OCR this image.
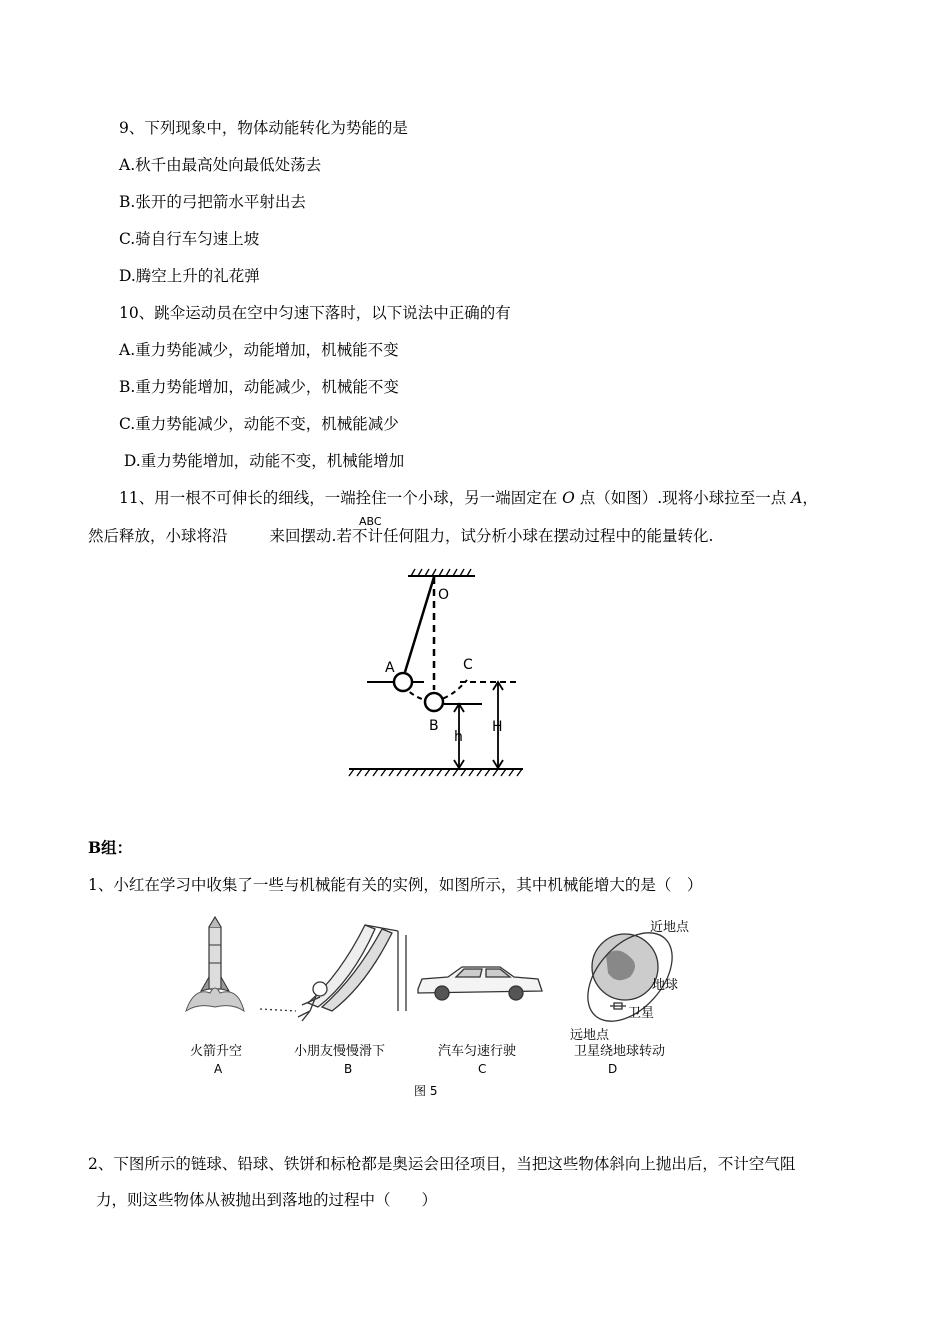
9、下列现象中，物体动能转化为势能的是
A.秋千由最高处向最低处荡去
B.张开的弓把箭水平射出去
C.骑自行车匀速上坡
D.腾空上升的礼花弹
10、跳伞运动员在空中匀速下落时，以下说法中正确的有
A.重力势能减少，动能增加，机械能不变
B.重力势能增加，动能减少，机械能不变
C.重力势能减少，动能不变，机械能减少
D.重力势能增加，动能不变，机械能增加
11、用一根不可伸长的细线，一端拴住一个小球，另一端固定在 O 点（如图）.现将小球拉至一点 A，
ABC
然后释放，小球将沿	来回摆动.若不计任何阻力，试分析小球在摆动过程中的能量转化.
O
A	C
B
h
H
B组：
1、小红在学习中收集了一些与机械能有关的实例，如图所示，其中机械能增大的是（　）
近地点
地球
卫星
远地点
火箭升空	小朋友慢慢滑下	汽车匀速行驶	卫星绕地球转动
A	B	C	D
图 5
2、下图所示的链球、铅球、铁饼和标枪都是奥运会田径项目，当把这些物体斜向上抛出后，不计空气阻
力，则这些物体从被抛出到落地的过程中（　　）
